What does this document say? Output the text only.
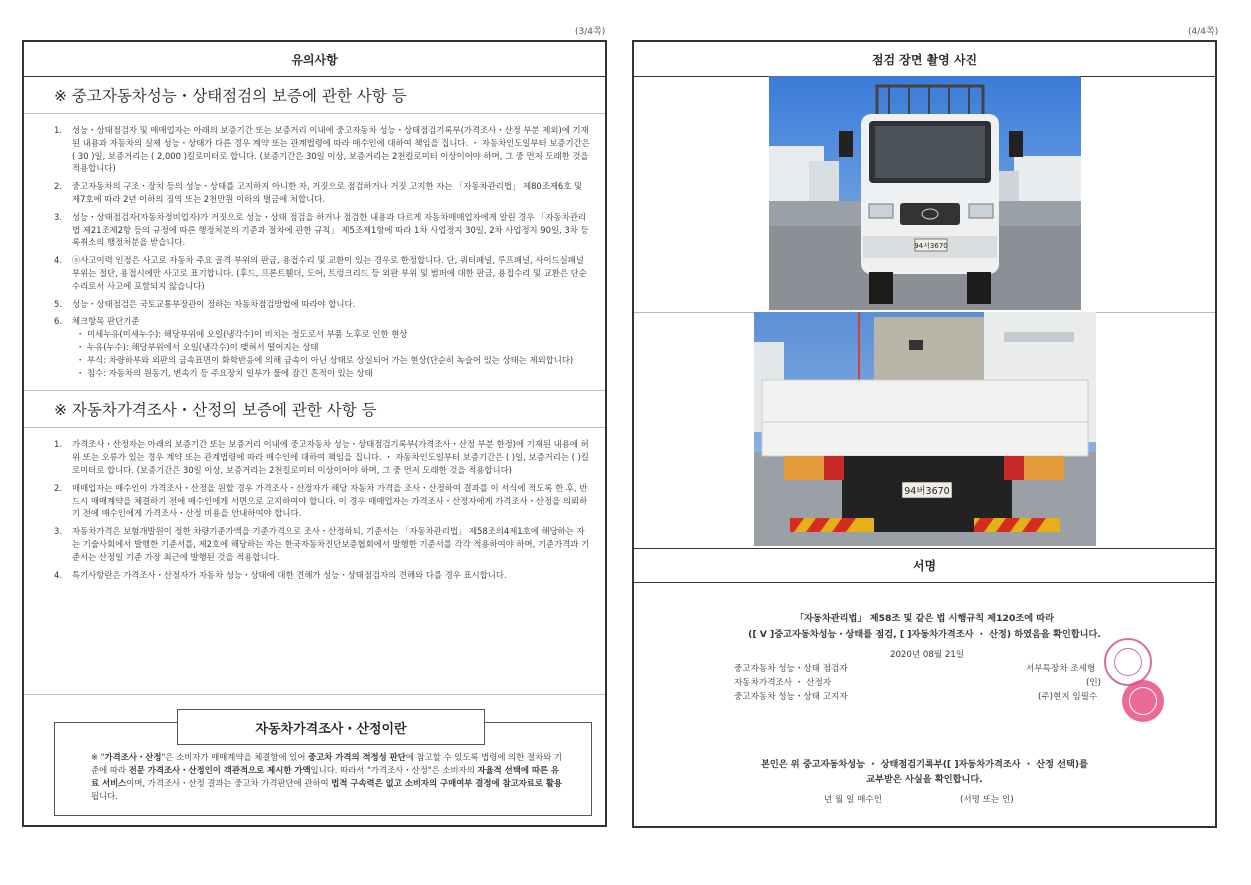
(3/4쪽)
유의사항
※ 중고자동차성능・상태점검의 보증에 관한 사항 등
1. 성능・상태점검자 및 매매업자는 아래의 보증기간 또는 보증거리 이내에 중고자동차 성능・상태점검기록부(가격조사・산정 부분 제외)에 기재된 내용과 자동차의 실제 성능・상태가 다른 경우 계약 또는 관계법령에 따라 매수인에 대하여 책임을 집니다. ・ 자동차인도일부터 보증기간은 ( 30 )일, 보증거리는 ( 2,000 )킬로미터로 합니다. (보증기간은 30일 이상, 보증거리는 2천킬로미터 이상이어야 하며, 그 중 먼저 도래한 것을 적용합니다)
2. 중고자동차의 구조・장치 등의 성능・상태를 고지하지 아니한 자, 거짓으로 점검하거나 거짓 고지한 자는 「자동차관리법」 제80조제6호 및 제7호에 따라 2년 이하의 징역 또는 2천만원 이하의 벌금에 처합니다.
3. 성능・상태점검자(자동차정비업자)가 거짓으로 성능・상태 점검을 하거나 점검한 내용과 다르게 자동차매매업자에게 알린 경우 「자동차관리법 제21조제2항 등의 규정에 따른 행정처분의 기준과 절차에 관한 규칙」 제5조제1항에 따라 1차 사업정지 30일, 2차 사업정지 90일, 3차 등록취소의 행정처분을 받습니다.
4. ⓐ사고이력 인정은 사고로 자동차 주요 골격 부위의 판금, 용접수리 및 교환이 있는 경우로 한정합니다. 단, 쿼터패널, 루프패널, 사이드실패널 부위는 절단, 용접시에만 사고로 표기합니다. (후드, 프론트휀더, 도어, 트렁크리드 등 외판 부위 및 범퍼에 대한 판금, 용접수리 및 교환은 단순수리로서 사고에 포함되지 않습니다)
5. 성능・상태점검은 국토교통부장관이 정하는 자동차점검방법에 따라야 합니다.
6. 체크항목 판단기준
・ 미세누유(미세누수): 해당부위에 오일(냉각수)이 비치는 정도로서 부품 노후로 인한 현상
・ 누유(누수): 해당부위에서 오일(냉각수)이 맺혀서 떨어지는 상태
・ 부식: 차량하부와 외판의 금속표면이 화학반응에 의해 금속이 아닌 상태로 상실되어 가는 현상(단순히 녹슬어 있는 상태는 제외합니다)
・ 침수: 자동차의 원동기, 변속기 등 주요장치 일부가 물에 잠긴 흔적이 있는 상태
※ 자동차가격조사・산정의 보증에 관한 사항 등
1. 가격조사・산정자는 아래의 보증기간 또는 보증거리 이내에 중고자동차 성능・상태점검기록부(가격조사・산정 부분 한정)에 기재된 내용에 허위 또는 오류가 있는 경우 계약 또는 관계법령에 따라 매수인에 대하여 책임을 집니다. ・ 자동차인도일부터 보증기간은 ( )일, 보증거리는 ( )킬로미터로 합니다. (보증기간은 30일 이상, 보증거리는 2천킬로미터 이상이어야 하며, 그 중 먼저 도래한 것을 적용합니다)
2. 매매업자는 매수인이 가격조사・산정을 원할 경우 가격조사・산정자가 해당 자동차 가격을 조사・산정하여 결과를 이 서식에 적도록 한 후, 반드시 매매계약을 체결하기 전에 매수인에게 서면으로 고지하여야 합니다. 이 경우 매매업자는 가격조사・산정자에게 가격조사・산정을 의뢰하기 전에 매수인에게 가격조사・산정 비용을 안내하여야 합니다.
3. 자동차가격은 보험개발원이 정한 차량기준가액을 기준가격으로 조사・산정하되, 기준서는 「자동차관리법」 제58조의4제1호에 해당하는 자는 기술사회에서 발행한 기준서를, 제2호에 해당하는 자는 한국자동차진단보증협회에서 발행한 기준서를 각각 적용하여야 하며, 기준가격과 기준서는 산정일 기준 가장 최근에 발행된 것을 적용합니다.
4. 특기사항란은 가격조사・산정자가 자동차 성능・상태에 대한 견해가 성능・상태점검자의 견해와 다를 경우 표시합니다.
자동차가격조사・산정이란
※ "가격조사・산정"은 소비자가 매매계약을 체결함에 있어 중고차 가격의 적정성 판단에 참고할 수 있도록 법령에 의한 절차와 기준에 따라 전문 가격조사・산정인이 객관적으로 제시한 가액입니다. 따라서 "가격조사・산정"은 소비자의 자율적 선택에 따른 유료 서비스이며, 가격조사・산정 결과는 중고차 가격판단에 관하여 법적 구속력은 없고 소비자의 구매여부 결정에 참고자료로 활용됩니다.
(4/4쪽)
점검 장면 촬영 사진
94서3670
94버3670
서명
「자동차관리법」 제58조 및 같은 법 시행규칙 제120조에 따라
([ V ]중고자동차성능・상태를 점검, [ ]자동차가격조사 ・ 산정) 하였음을 확인합니다.
2020년 08월 21일
중고자동차 성능・상태 점검자	서부특장차 조세형
자동차가격조사 ・ 산정자	(인)
중고자동차 성능・상태 고지자	(주)현지 임필수
본인은 위 중고자동차성능 ・ 상태점검기록부([ ]자동차가격조사 ・ 산정 선택)를
교부받은 사실을 확인합니다.
년 월 일 매수인	(서명 또는 인)
